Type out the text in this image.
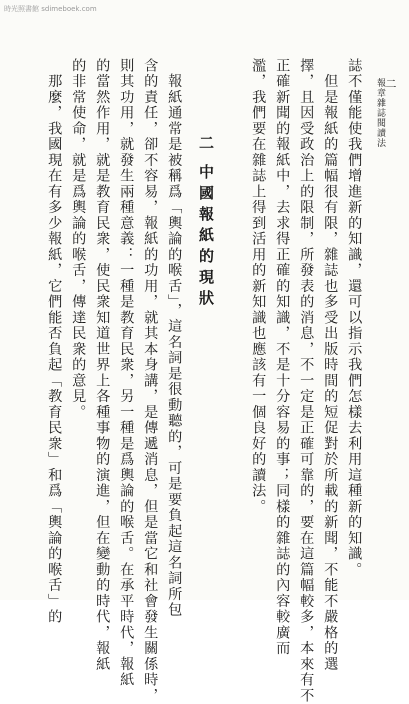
時光照書館 sdimeboek.com
二
報章雜誌閱讀法
誌不僅能使我們增進新的知識，還可以指示我們怎樣去利用這種新的知識。
　但是報紙的篇幅很有限，雜誌也多受出版時間的短促對於所載的新聞，不能不嚴格的選
擇，且因受政治上的限制，所發表的消息，不一定是正確可靠的，要在這篇幅較多，本來有不
正確新聞的報紙中，去求得正確的知識，不是十分容易的事；同樣的雜誌的內容較廣而
濫，我們要在雜誌上得到活用的新知識也應該有一個良好的讀法。
二中國報紙的現狀
　報紙通常是被稱爲「輿論的喉舌」，這名詞是很動聽的，可是要負起這名詞所包
含的責任，卻不容易，報紙的功用，就其本身講，是傳遞消息，但是當它和社會發生關係時，
則其功用，就發生兩種意義：一種是教育民衆，另一種是爲輿論的喉舌。在承平時代，報紙
的當然作用，就是教育民衆，使民衆知道世界上各種事物的演進，但在變動的時代，報紙
的非常使命，就是爲輿論的喉舌，傳達民衆的意見。
　那麼，我國現在有多少報紙，它們能否負起「教育民衆」和爲「輿論的喉舌」的
